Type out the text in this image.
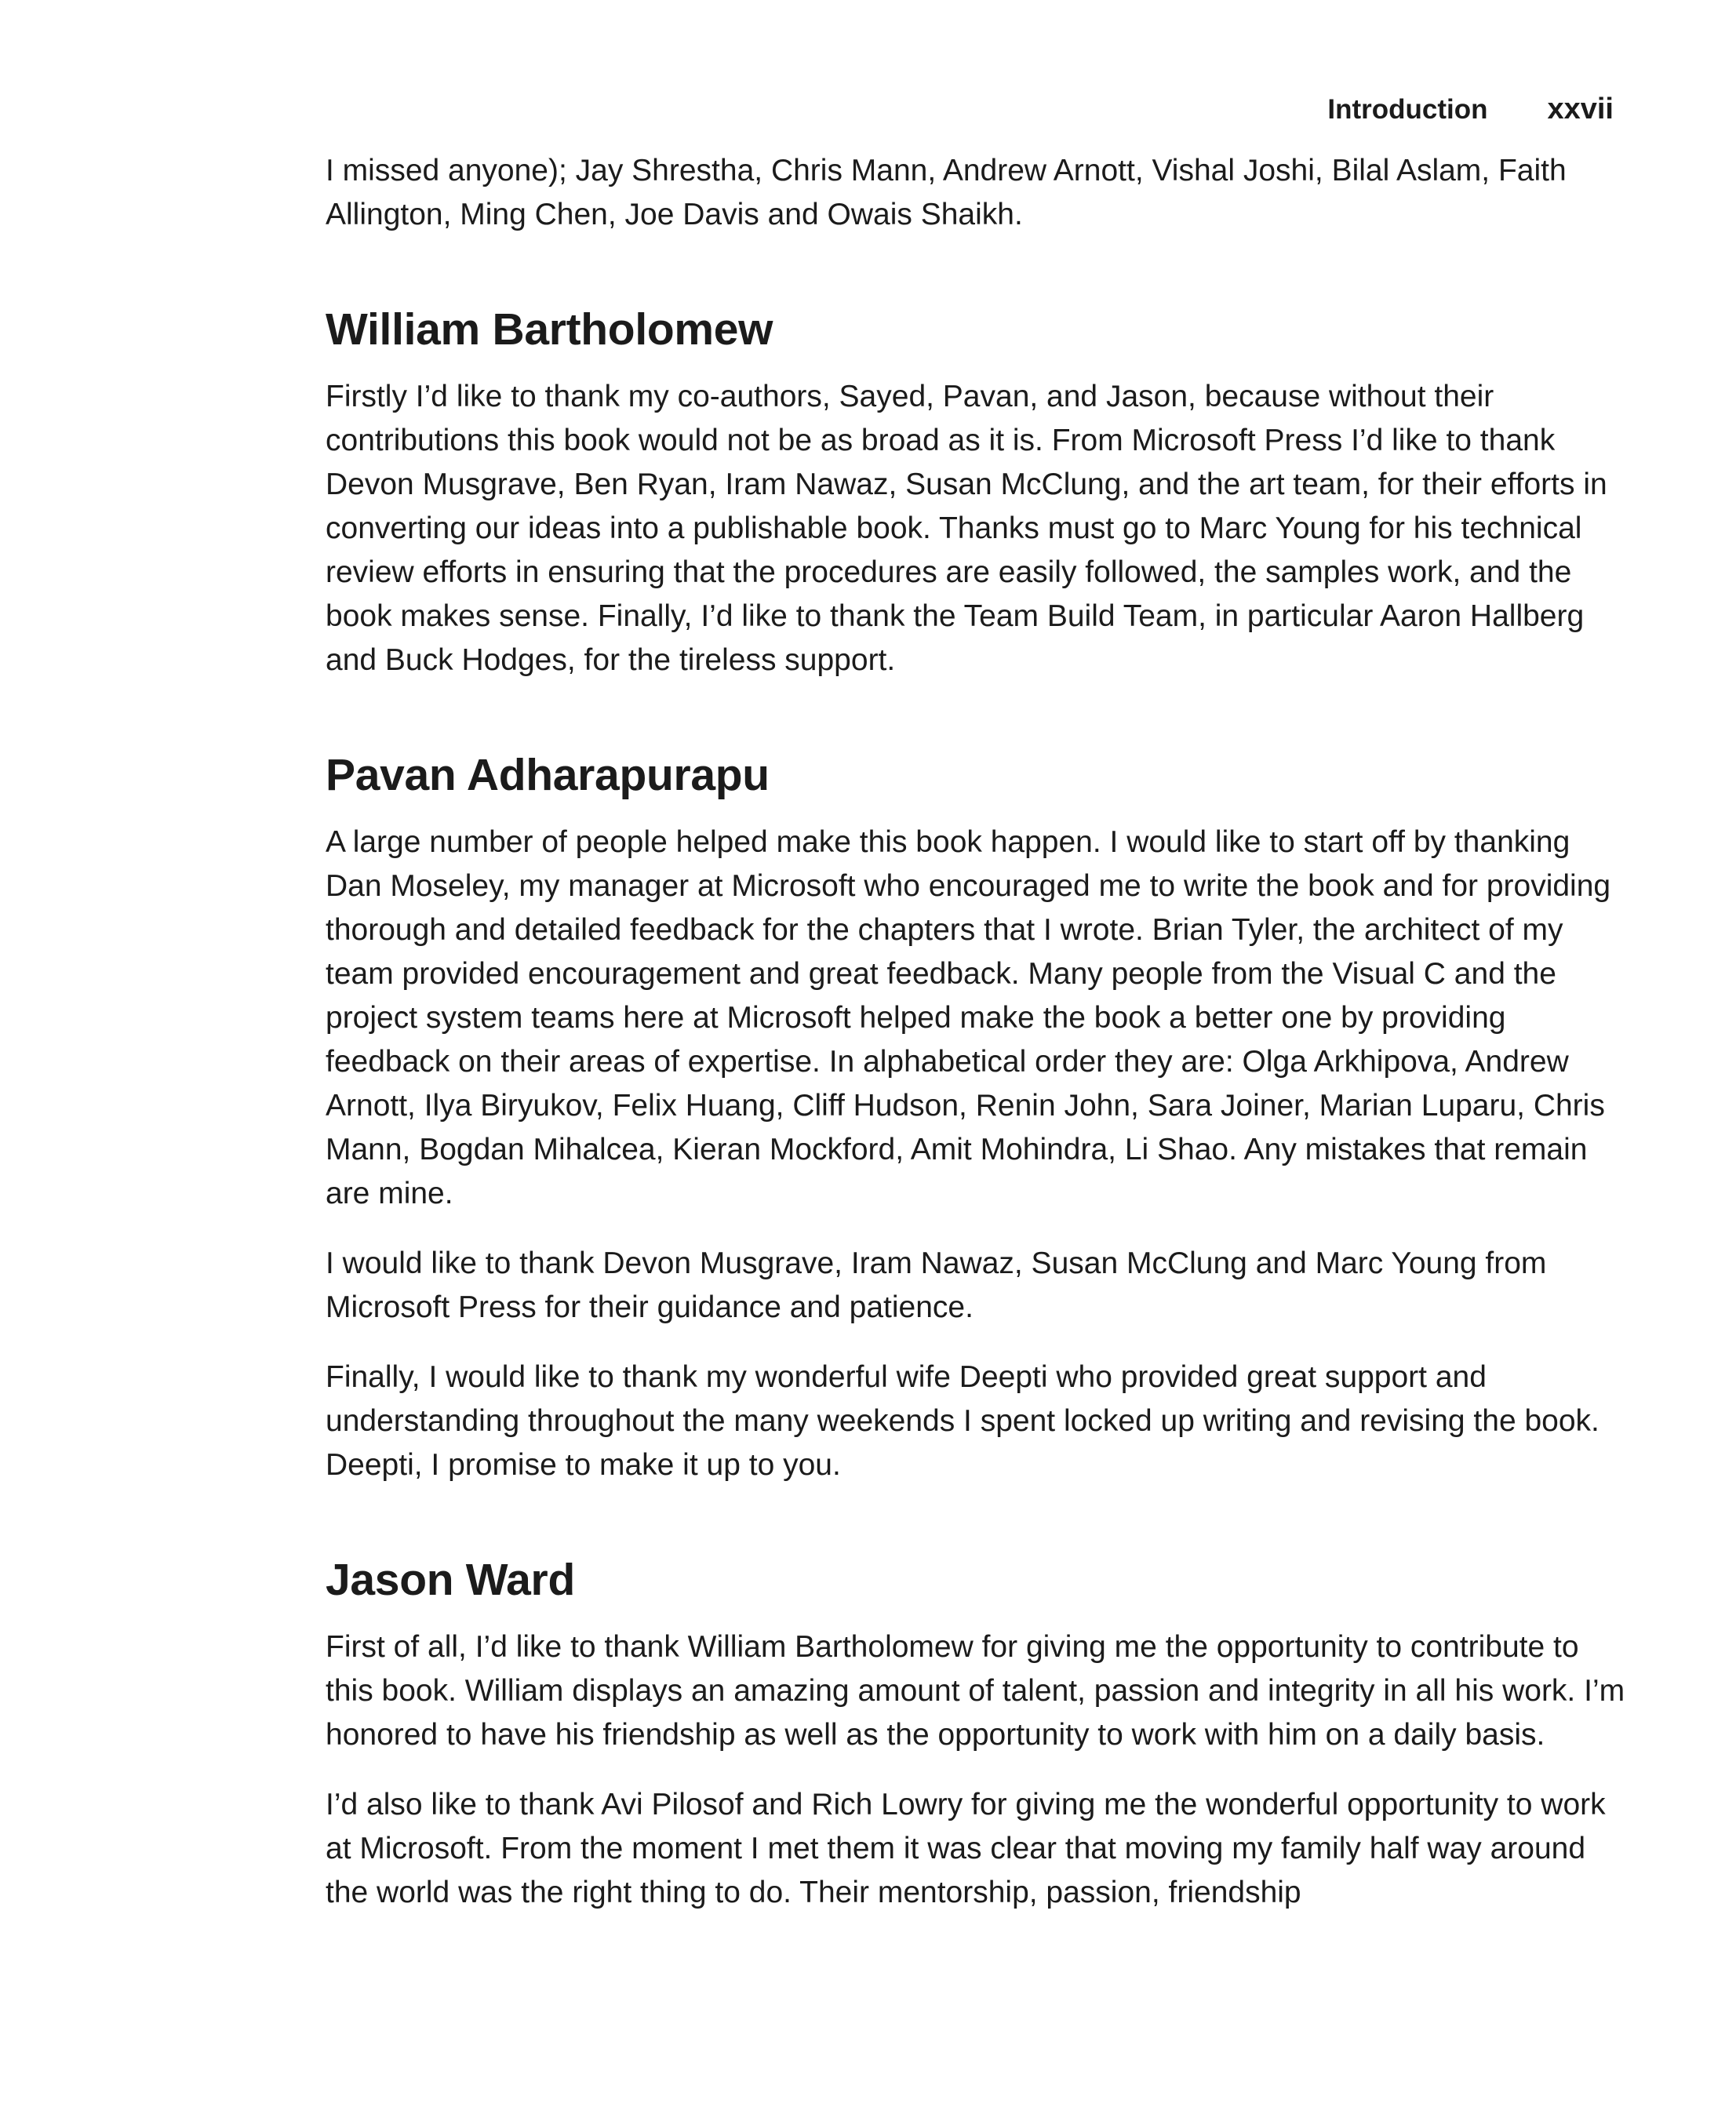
Introduction xxvii

I missed anyone); Jay Shrestha, Chris Mann, Andrew Arnott, Vishal Joshi, Bilal Aslam, Faith Allington, Ming Chen, Joe Davis and Owais Shaikh.

William Bartholomew

Firstly I’d like to thank my co-authors, Sayed, Pavan, and Jason, because without their contributions this book would not be as broad as it is. From Microsoft Press I’d like to thank Devon Musgrave, Ben Ryan, Iram Nawaz, Susan McClung, and the art team, for their efforts in converting our ideas into a publishable book. Thanks must go to Marc Young for his technical review efforts in ensuring that the procedures are easily followed, the samples work, and the book makes sense. Finally, I’d like to thank the Team Build Team, in particular Aaron Hallberg and Buck Hodges, for the tireless support.

Pavan Adharapurapu

A large number of people helped make this book happen. I would like to start off by thanking Dan Moseley, my manager at Microsoft who encouraged me to write the book and for providing thorough and detailed feedback for the chapters that I wrote. Brian Tyler, the architect of my team provided encouragement and great feedback. Many people from the Visual C and the project system teams here at Microsoft helped make the book a better one by providing feedback on their areas of expertise. In alphabetical order they are: Olga Arkhipova, Andrew Arnott, Ilya Biryukov, Felix Huang, Cliff Hudson, Renin John, Sara Joiner, Marian Luparu, Chris Mann, Bogdan Mihalcea, Kieran Mockford, Amit Mohindra, Li Shao. Any mistakes that remain are mine.

I would like to thank Devon Musgrave, Iram Nawaz, Susan McClung and Marc Young from Microsoft Press for their guidance and patience.

Finally, I would like to thank my wonderful wife Deepti who provided great support and understanding throughout the many weekends I spent locked up writing and revising the book. Deepti, I promise to make it up to you.

Jason Ward

First of all, I’d like to thank William Bartholomew for giving me the opportunity to contribute to this book. William displays an amazing amount of talent, passion and integrity in all his work. I’m honored to have his friendship as well as the opportunity to work with him on a daily basis.

I’d also like to thank Avi Pilosof and Rich Lowry for giving me the wonderful opportunity to work at Microsoft. From the moment I met them it was clear that moving my family half way around the world was the right thing to do. Their mentorship, passion, friendship
